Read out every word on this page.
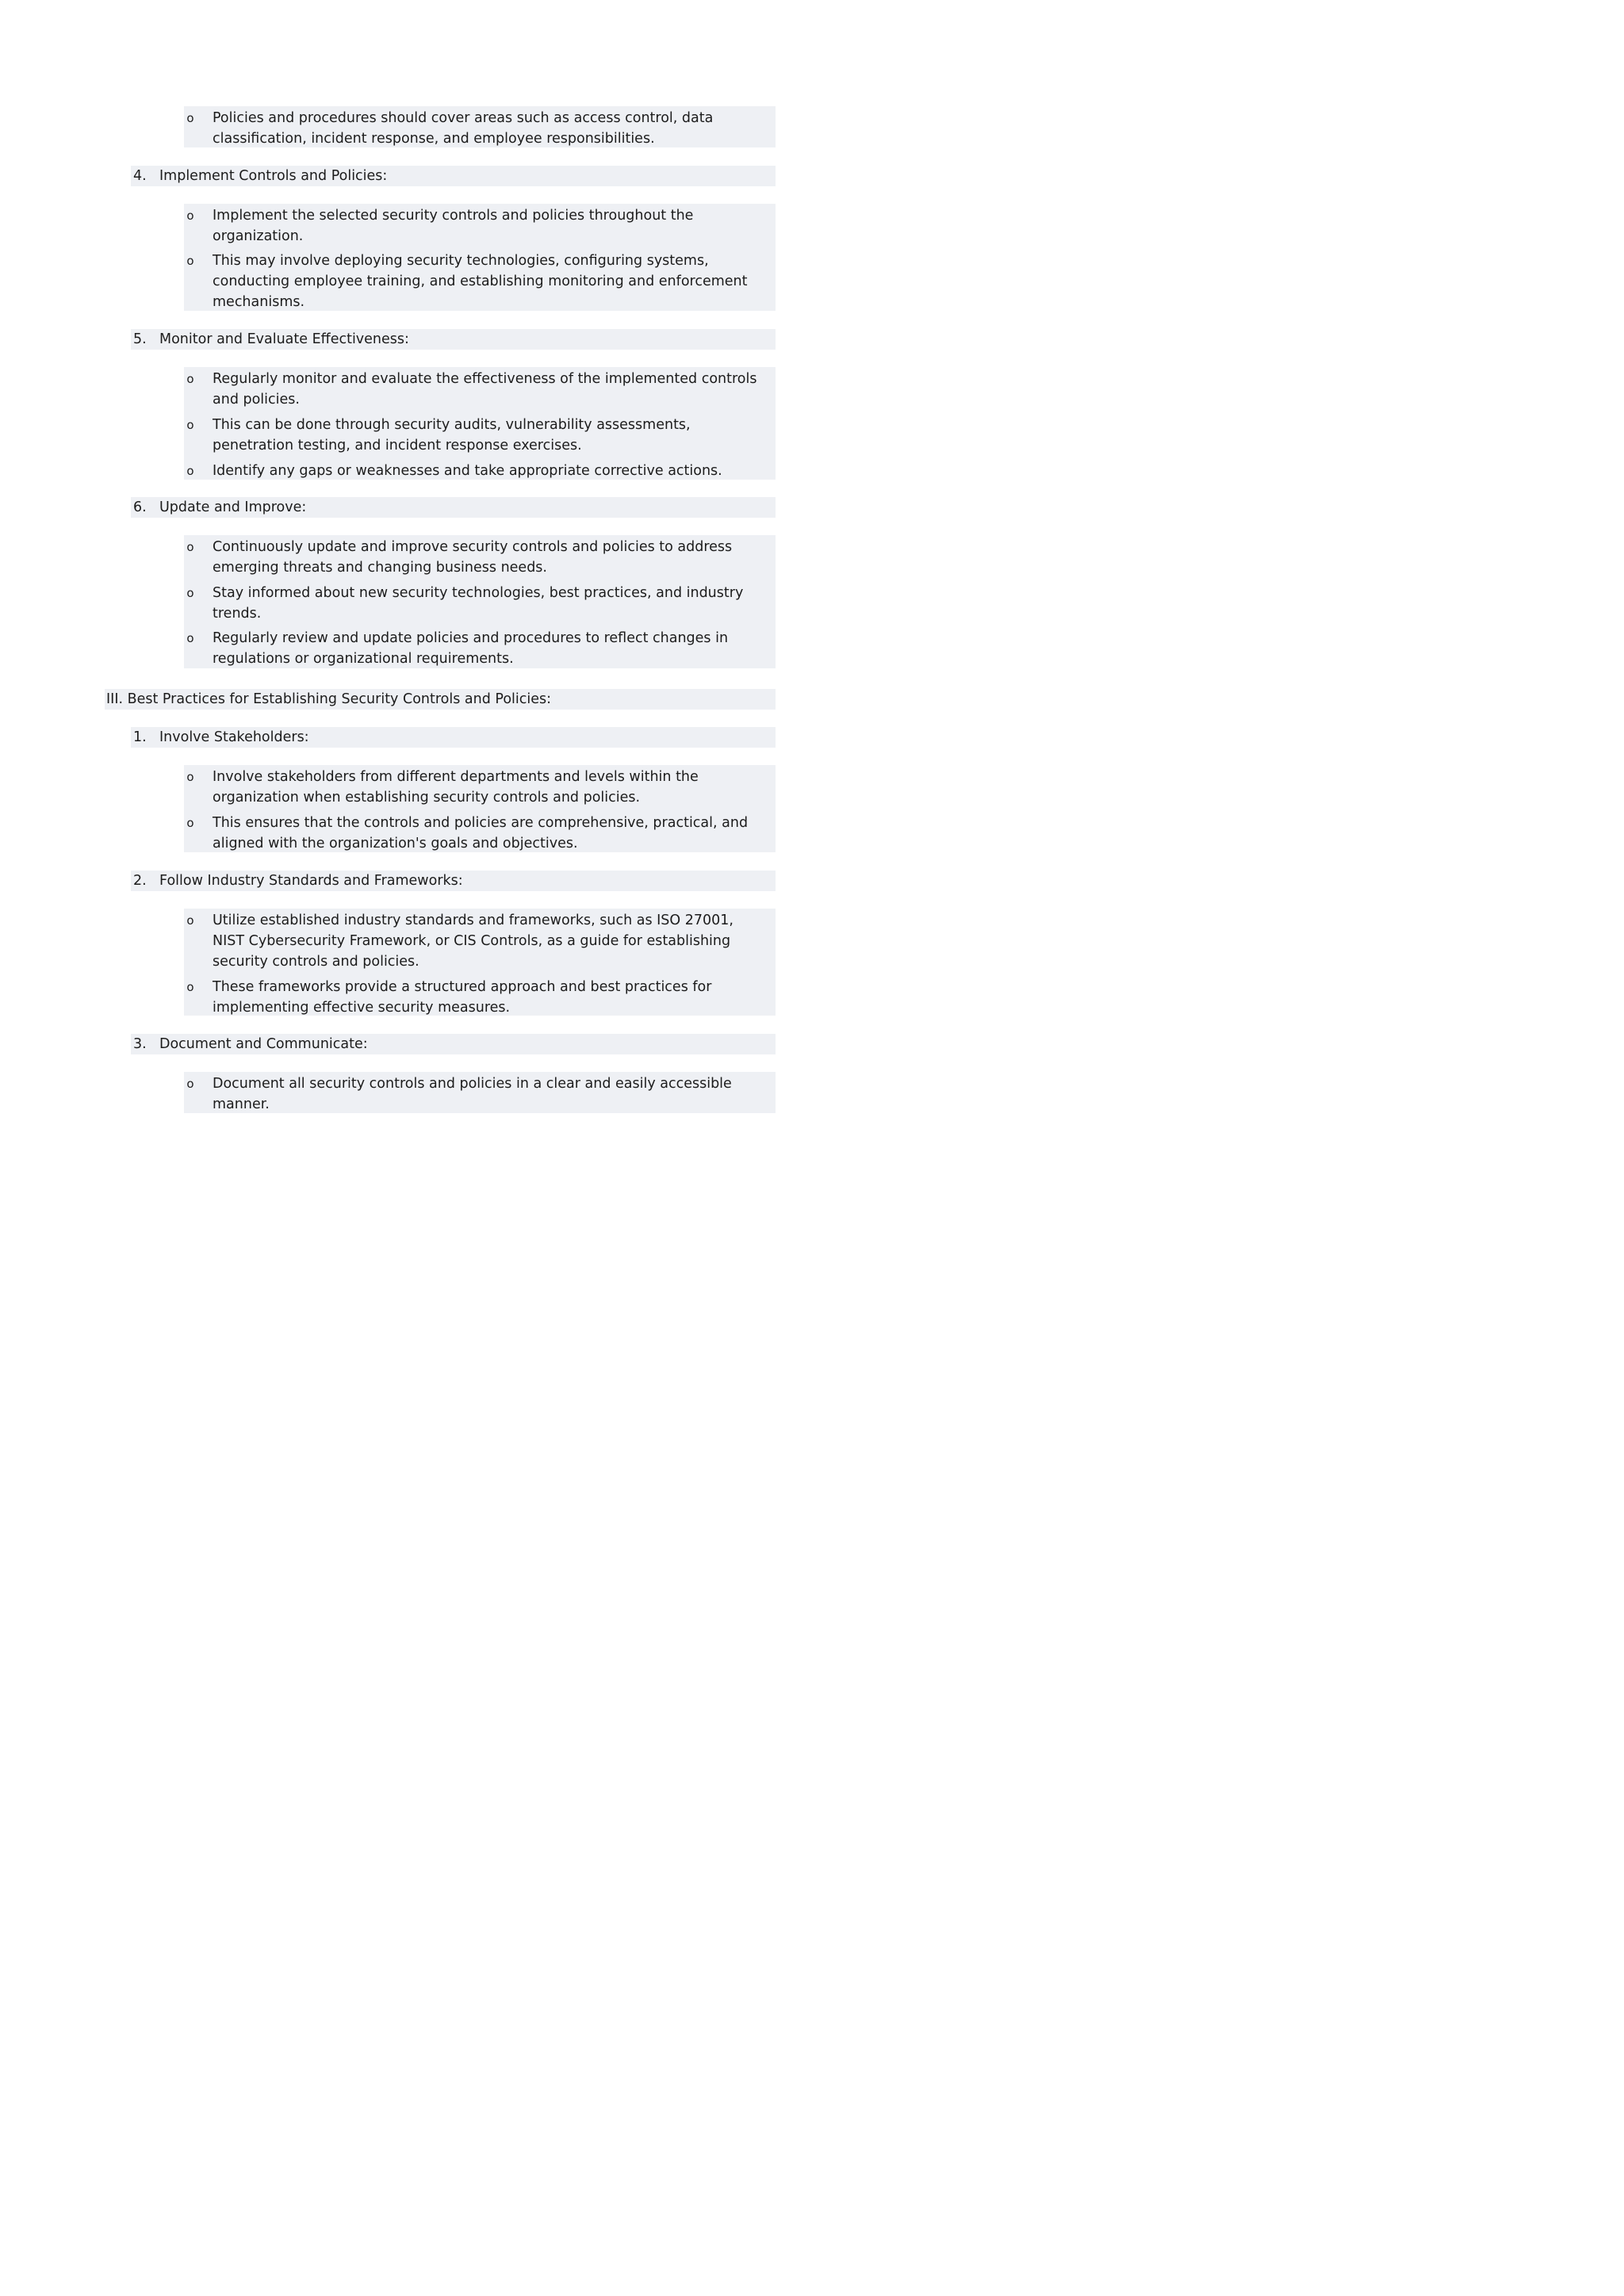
o Policies and procedures should cover areas such as access control, data classification, incident response, and employee responsibilities.
4. Implement Controls and Policies:
o Implement the selected security controls and policies throughout the organization.
o This may involve deploying security technologies, configuring systems, conducting employee training, and establishing monitoring and enforcement mechanisms.
5. Monitor and Evaluate Effectiveness:
o Regularly monitor and evaluate the effectiveness of the implemented controls and policies.
o This can be done through security audits, vulnerability assessments, penetration testing, and incident response exercises.
o Identify any gaps or weaknesses and take appropriate corrective actions.
6. Update and Improve:
o Continuously update and improve security controls and policies to address emerging threats and changing business needs.
o Stay informed about new security technologies, best practices, and industry trends.
o Regularly review and update policies and procedures to reflect changes in regulations or organizational requirements.
III. Best Practices for Establishing Security Controls and Policies:
1. Involve Stakeholders:
o Involve stakeholders from different departments and levels within the organization when establishing security controls and policies.
o This ensures that the controls and policies are comprehensive, practical, and aligned with the organization's goals and objectives.
2. Follow Industry Standards and Frameworks:
o Utilize established industry standards and frameworks, such as ISO 27001, NIST Cybersecurity Framework, or CIS Controls, as a guide for establishing security controls and policies.
o These frameworks provide a structured approach and best practices for implementing effective security measures.
3. Document and Communicate:
o Document all security controls and policies in a clear and easily accessible manner.
